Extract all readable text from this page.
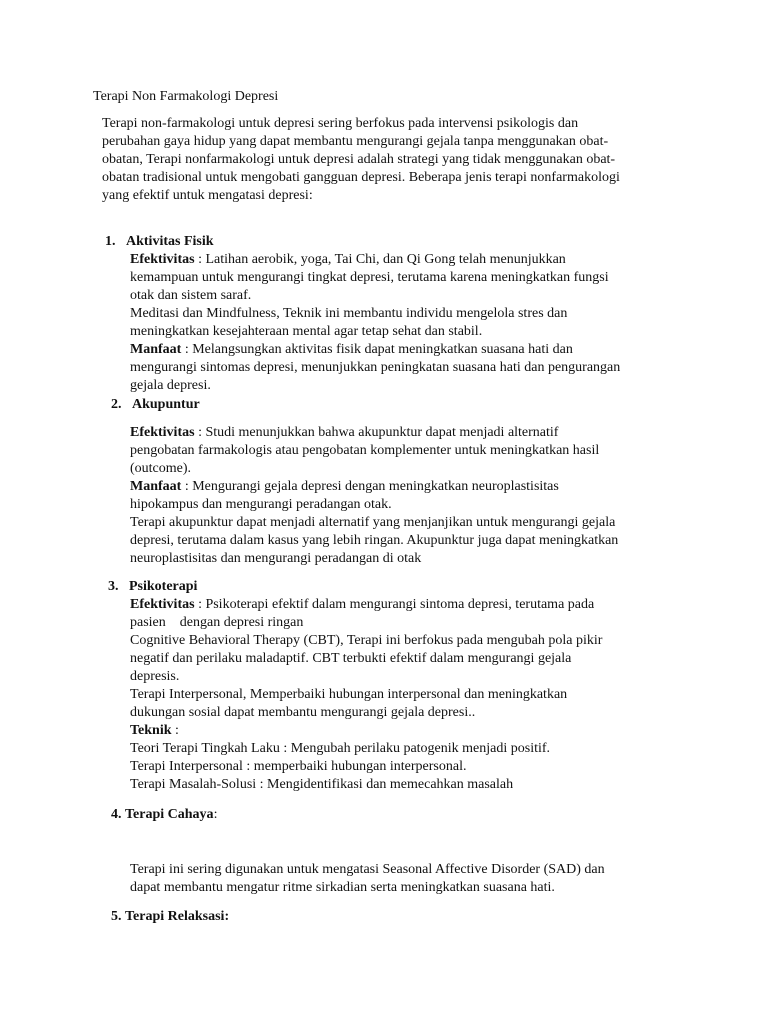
Terapi Non Farmakologi Depresi
Terapi non-farmakologi untuk depresi sering berfokus pada intervensi psikologis dan
perubahan gaya hidup yang dapat membantu mengurangi gejala tanpa menggunakan obat-
obatan, Terapi nonfarmakologi untuk depresi adalah strategi yang tidak menggunakan obat-
obatan tradisional untuk mengobati gangguan depresi. Beberapa jenis terapi nonfarmakologi
yang efektif untuk mengatasi depresi:
1. Aktivitas Fisik
Efektivitas : Latihan aerobik, yoga, Tai Chi, dan Qi Gong telah menunjukkan
kemampuan untuk mengurangi tingkat depresi, terutama karena meningkatkan fungsi
otak dan sistem saraf.
Meditasi dan Mindfulness, Teknik ini membantu individu mengelola stres dan
meningkatkan kesejahteraan mental agar tetap sehat dan stabil.
Manfaat : Melangsungkan aktivitas fisik dapat meningkatkan suasana hati dan
mengurangi sintomas depresi, menunjukkan peningkatan suasana hati dan pengurangan
gejala depresi.
2. Akupuntur
Efektivitas : Studi menunjukkan bahwa akupunktur dapat menjadi alternatif
pengobatan farmakologis atau pengobatan komplementer untuk meningkatkan hasil
(outcome).
Manfaat : Mengurangi gejala depresi dengan meningkatkan neuroplastisitas
hipokampus dan mengurangi peradangan otak.
Terapi akupunktur dapat menjadi alternatif yang menjanjikan untuk mengurangi gejala
depresi, terutama dalam kasus yang lebih ringan. Akupunktur juga dapat meningkatkan
neuroplastisitas dan mengurangi peradangan di otak
3. Psikoterapi
Efektivitas : Psikoterapi efektif dalam mengurangi sintoma depresi, terutama pada
pasien    dengan depresi ringan
Cognitive Behavioral Therapy (CBT), Terapi ini berfokus pada mengubah pola pikir
negatif dan perilaku maladaptif. CBT terbukti efektif dalam mengurangi gejala
depresis.
Terapi Interpersonal, Memperbaiki hubungan interpersonal dan meningkatkan
dukungan sosial dapat membantu mengurangi gejala depresi..
Teknik :
Teori Terapi Tingkah Laku : Mengubah perilaku patogenik menjadi positif.
Terapi Interpersonal : memperbaiki hubungan interpersonal.
Terapi Masalah-Solusi : Mengidentifikasi dan memecahkan masalah
4. Terapi Cahaya:
Terapi ini sering digunakan untuk mengatasi Seasonal Affective Disorder (SAD) dan
dapat membantu mengatur ritme sirkadian serta meningkatkan suasana hati.
5. Terapi Relaksasi:
